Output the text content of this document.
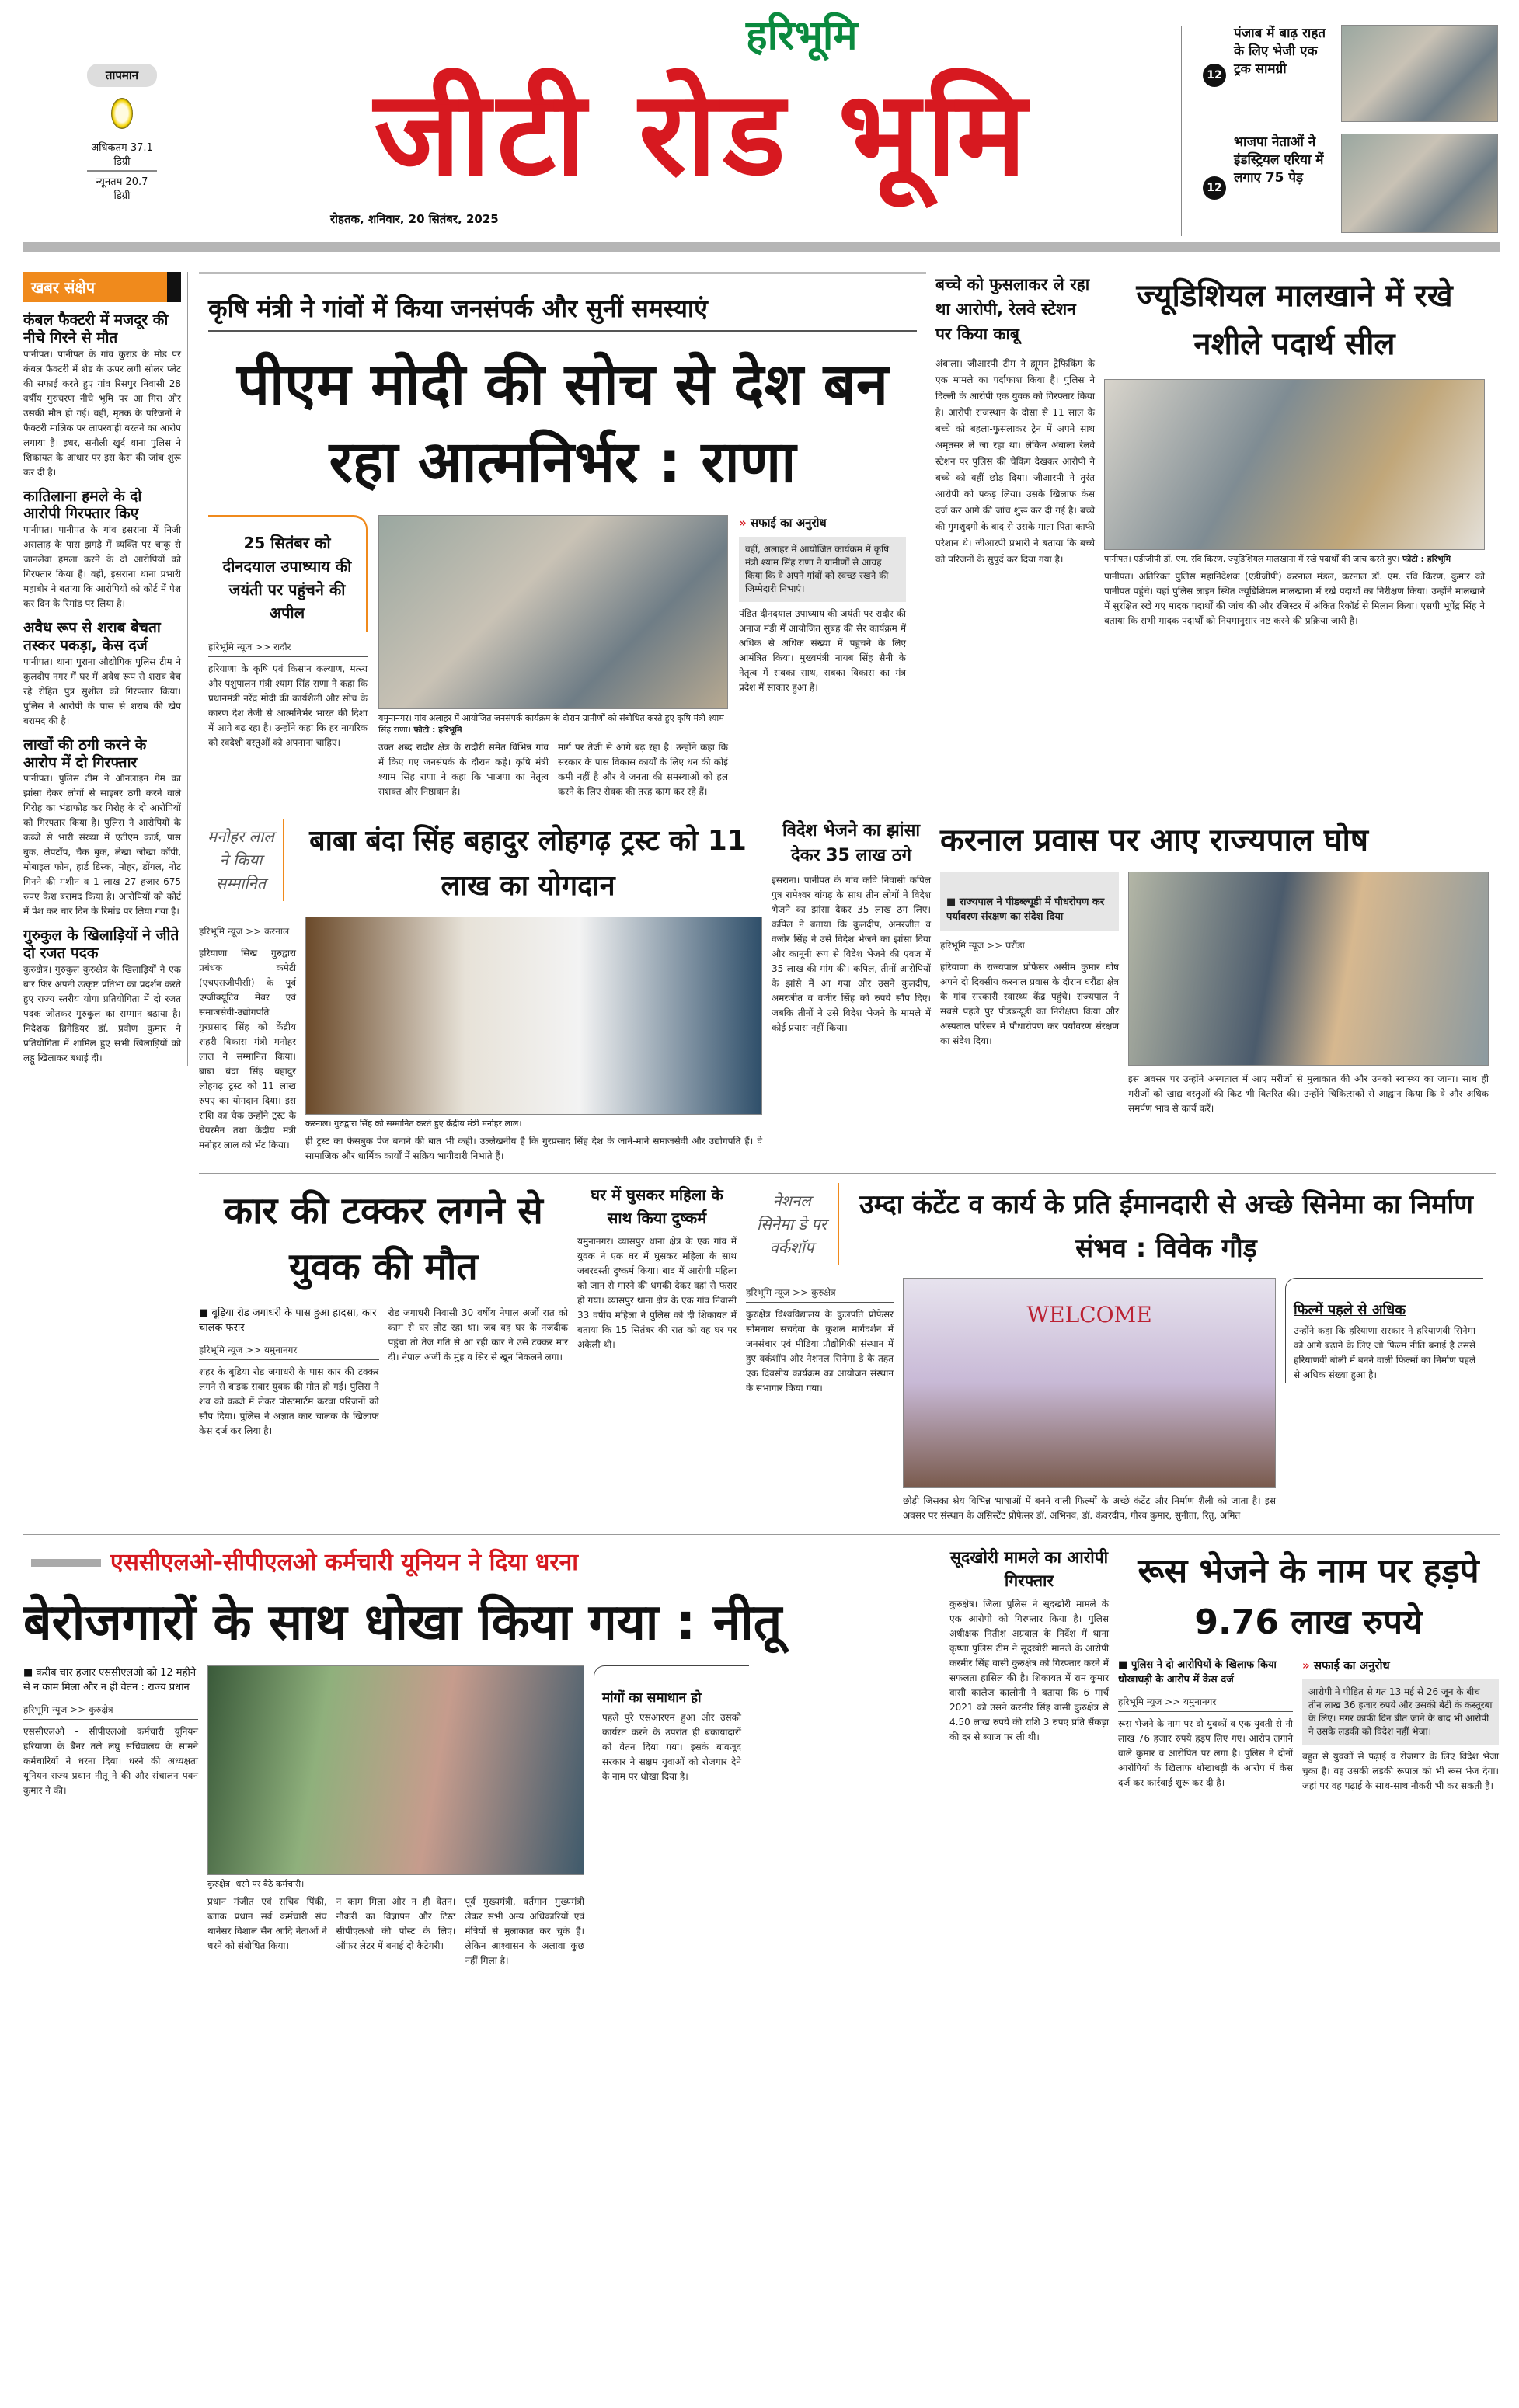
तापमान
अधिकतम 37.1 डिग्री
न्यूनतम 20.7 डिग्री
हरिभूमि
जीटी रोड भूमि
रोहतक, शनिवार, 20 सितंबर, 2025
12
पंजाब में बाढ़ राहत के लिए भेजी एक ट्रक सामग्री
12
भाजपा नेताओं ने इंडस्ट्रियल एरिया में लगाए 75 पेड़
खबर संक्षेप
कंबल फैक्टरी में मजदूर की नीचे गिरने से मौत
पानीपत। पानीपत के गांव कुराड के मोड पर कंबल फैक्टरी में शेड के ऊपर लगी सोलर प्लेट की सफाई करते हुए गांव रिसपुर निवासी 28 वर्षीय गुरुचरण नीचे भूमि पर आ गिरा और उसकी मौत हो गई। वहीं, मृतक के परिजनों ने फैक्टरी मालिक पर लापरवाही बरतने का आरोप लगाया है। इधर, सनौली खुर्द थाना पुलिस ने शिकायत के आधार पर इस केस की जांच शुरू कर दी है।
कातिलाना हमले के दो आरोपी गिरफ्तार किए
पानीपत। पानीपत के गांव इसराना में निजी असलाह के पास झगड़े में व्यक्ति पर चाकू से जानलेवा हमला करने के दो आरोपियों को गिरफ्तार किया है। वहीं, इसराना थाना प्रभारी महाबीर ने बताया कि आरोपियों को कोर्ट में पेश कर दिन के रिमांड पर लिया है।
अवैध रूप से शराब बेचता तस्कर पकड़ा, केस दर्ज
पानीपत। थाना पुराना औद्योगिक पुलिस टीम ने कुलदीप नगर में घर में अवैध रूप से शराब बेच रहे रोहित पुत्र सुशील को गिरफ्तार किया। पुलिस ने आरोपी के पास से शराब की खेप बरामद की है।
लाखों की ठगी करने के आरोप में दो गिरफ्तार
पानीपत। पुलिस टीम ने ऑनलाइन गेम का झांसा देकर लोगों से साइबर ठगी करने वाले गिरोह का भंडाफोड़ कर गिरोह के दो आरोपियों को गिरफ्तार किया है। पुलिस ने आरोपियों के कब्जे से भारी संख्या में एटीएम कार्ड, पास बुक, लेपटॉप, चैक बुक, लेखा जोखा कॉपी, मोबाइल फोन, हार्ड डिस्क, मोहर, डोंगल, नोट गिनने की मशीन व 1 लाख 27 हजार 675 रुपए कैश बरामद किया है। आरोपियों को कोर्ट में पेश कर चार दिन के रिमांड पर लिया गया है।
गुरुकुल के खिलाड़ियों ने जीते दो रजत पदक
कुरुक्षेत्र। गुरुकुल कुरुक्षेत्र के खिलाड़ियों ने एक बार फिर अपनी उत्कृष्ट प्रतिभा का प्रदर्शन करते हुए राज्य स्तरीय योगा प्रतियोगिता में दो रजत पदक जीतकर गुरुकुल का सम्मान बढ़ाया है। निदेशक ब्रिगेडियर डॉ. प्रवीण कुमार ने प्रतियोगिता में शामिल हुए सभी खिलाड़ियों को लड्डू खिलाकर बधाई दी।
कृषि मंत्री ने गांवों में किया जनसंपर्क और सुनीं समस्याएं
पीएम मोदी की सोच से देश बन रहा आत्मनिर्भर : राणा
25 सितंबर को दीनदयाल उपाध्याय की जयंती पर पहुंचने की अपील
हरिभूमि न्यूज >> रादौर
हरियाणा के कृषि एवं किसान कल्याण, मत्स्य और पशुपालन मंत्री श्याम सिंह राणा ने कहा कि प्रधानमंत्री नरेंद्र मोदी की कार्यशैली और सोच के कारण देश तेजी से आत्मनिर्भर भारत की दिशा में आगे बढ़ रहा है। उन्होंने कहा कि हर नागरिक को स्वदेशी वस्तुओं को अपनाना चाहिए।
यमुनानगर। गांव अलाहर में आयोजित जनसंपर्क कार्यक्रम के दौरान ग्रामीणों को संबोधित करते हुए कृषि मंत्री श्याम सिंह राणा। फोटो : हरिभूमि
उक्त शब्द रादौर क्षेत्र के रादौरी समेत विभिन्न गांव में किए गए जनसंपर्क के दौरान कहे। कृषि मंत्री श्याम सिंह राणा ने कहा कि भाजपा का नेतृत्व सशक्त और निष्ठावान है।
मार्ग पर तेजी से आगे बढ़ रहा है। उन्होंने कहा कि सरकार के पास विकास कार्यों के लिए धन की कोई कमी नहीं है और वे जनता की समस्याओं को हल करने के लिए सेवक की तरह काम कर रहे हैं।
» सफाई का अनुरोध
वहीं, अलाहर में आयोजित कार्यक्रम में कृषि मंत्री श्याम सिंह राणा ने ग्रामीणों से आग्रह किया कि वे अपने गांवों को स्वच्छ रखने की जिम्मेदारी निभाएं।
पंडित दीनदयाल उपाध्याय की जयंती पर रादौर की अनाज मंडी में आयोजित सुबह की सैर कार्यक्रम में अधिक से अधिक संख्या में पहुंचने के लिए आमंत्रित किया। मुख्यमंत्री नायब सिंह सैनी के नेतृत्व में सबका साथ, सबका विकास का मंत्र प्रदेश में साकार हुआ है।
बच्चे को फुसलाकर ले रहा था आरोपी, रेलवे स्टेशन पर किया काबू
अंबाला। जीआरपी टीम ने ह्यूमन ट्रैफिकिंग के एक मामले का पर्दाफाश किया है। पुलिस ने दिल्ली के आरोपी एक युवक को गिरफ्तार किया है। आरोपी राजस्थान के दौसा से 11 साल के बच्चे को बहला-फुसलाकर ट्रेन में अपने साथ अमृतसर ले जा रहा था। लेकिन अंबाला रेलवे स्टेशन पर पुलिस की चेकिंग देखकर आरोपी ने बच्चे को वहीं छोड़ दिया। जीआरपी ने तुरंत आरोपी को पकड़ लिया। उसके खिलाफ केस दर्ज कर आगे की जांच शुरू कर दी गई है। बच्चे की गुमशुदगी के बाद से उसके माता-पिता काफी परेशान थे। जीआरपी प्रभारी ने बताया कि बच्चे को परिजनों के सुपुर्द कर दिया गया है।
ज्यूडिशियल मालखाने में रखे नशीले पदार्थ सील
पानीपत। एडीजीपी डॉ. एम. रवि किरण, ज्यूडिशियल मालखाना में रखे पदार्थों की जांच करते हुए। फोटो : हरिभूमि
पानीपत। अतिरिक्त पुलिस महानिदेशक (एडीजीपी) करनाल मंडल, करनाल डॉ. एम. रवि किरण, कुमार को पानीपत पहुंचे। यहां पुलिस लाइन स्थित ज्यूडिशियल मालखाना में रखे पदार्थों का निरीक्षण किया। उन्होंने मालखाने में सुरक्षित रखे गए मादक पदार्थों की जांच की और रजिस्टर में अंकित रिकॉर्ड से मिलान किया। एसपी भूपेंद्र सिंह ने बताया कि सभी मादक पदार्थों को नियमानुसार नष्ट करने की प्रक्रिया जारी है।
मनोहर लाल ने किया सम्मानित
बाबा बंदा सिंह बहादुर लोहगढ़ ट्रस्ट को 11 लाख का योगदान
हरिभूमि न्यूज >> करनाल
हरियाणा सिख गुरुद्वारा प्रबंधक कमेटी (एचएसजीपीसी) के पूर्व एग्जीक्यूटिव मेंबर एवं समाजसेवी-उद्योगपति गुरप्रसाद सिंह को केंद्रीय शहरी विकास मंत्री मनोहर लाल ने सम्मानित किया। बाबा बंदा सिंह बहादुर लोहगढ़ ट्रस्ट को 11 लाख रुपए का योगदान दिया। इस राशि का चैक उन्होंने ट्रस्ट के चेयरमैन तथा केंद्रीय मंत्री मनोहर लाल को भेंट किया।
करनाल। गुरुद्वारा सिंह को सम्मानित करते हुए केंद्रीय मंत्री मनोहर लाल।
ही ट्रस्ट का फेसबुक पेज बनाने की बात भी कही। उल्लेखनीय है कि गुरप्रसाद सिंह देश के जाने-माने समाजसेवी और उद्योगपति हैं। वे सामाजिक और धार्मिक कार्यों में सक्रिय भागीदारी निभाते हैं।
विदेश भेजने का झांसा देकर 35 लाख ठगे
इसराना। पानीपत के गांव कवि निवासी कपिल पुत्र रामेश्वर बांगड़ के साथ तीन लोगों ने विदेश भेजने का झांसा देकर 35 लाख ठग लिए। कपिल ने बताया कि कुलदीप, अमरजीत व वजीर सिंह ने उसे विदेश भेजने का झांसा दिया और कानूनी रूप से विदेश भेजने की एवज में 35 लाख की मांग की। कपिल, तीनों आरोपियों के झांसे में आ गया और उसने कुलदीप, अमरजीत व वजीर सिंह को रुपये सौंप दिए। जबकि तीनों ने उसे विदेश भेजने के मामले में कोई प्रयास नहीं किया।
करनाल प्रवास पर आए राज्यपाल घोष
■ राज्यपाल ने पीडब्ल्यूडी में पौधरोपण कर पर्यावरण संरक्षण का संदेश दिया
हरिभूमि न्यूज >> घरौंडा
हरियाणा के राज्यपाल प्रोफेसर असीम कुमार घोष अपने दो दिवसीय करनाल प्रवास के दौरान घरौंडा क्षेत्र के गांव सरकारी स्वास्थ्य केंद्र पहुंचे। राज्यपाल ने सबसे पहले पुर पीडब्ल्यूडी का निरीक्षण किया और अस्पताल परिसर में पौधारोपण कर पर्यावरण संरक्षण का संदेश दिया।
इस अवसर पर उन्होंने अस्पताल में आए मरीजों से मुलाकात की और उनको स्वास्थ्य का जाना। साथ ही मरीजों को खाद्य वस्तुओं की किट भी वितरित की। उन्होंने चिकित्सकों से आह्वान किया कि वे और अधिक समर्पण भाव से कार्य करें।
कार की टक्कर लगने से युवक की मौत
■ बूड़िया रोड जगाधरी के पास हुआ हादसा, कार चालक फरार
हरिभूमि न्यूज >> यमुनानगर
शहर के बूड़िया रोड जगाधरी के पास कार की टक्कर लगने से बाइक सवार युवक की मौत हो गई। पुलिस ने शव को कब्जे में लेकर पोस्टमार्टम करवा परिजनों को सौंप दिया। पुलिस ने अज्ञात कार चालक के खिलाफ केस दर्ज कर लिया है।
रोड जगाधरी निवासी 30 वर्षीय नेपाल अर्जी रात को काम से घर लौट रहा था। जब वह घर के नजदीक पहुंचा तो तेज गति से आ रही कार ने उसे टक्कर मार दी। नेपाल अर्जी के मुंह व सिर से खून निकलने लगा।
घर में घुसकर महिला के साथ किया दुष्कर्म
यमुनानगर। व्यासपुर थाना क्षेत्र के एक गांव में युवक ने एक घर में घुसकर महिला के साथ जबरदस्ती दुष्कर्म किया। बाद में आरोपी महिला को जान से मारने की धमकी देकर वहां से फरार हो गया। व्यासपुर थाना क्षेत्र के एक गांव निवासी 33 वर्षीय महिला ने पुलिस को दी शिकायत में बताया कि 15 सितंबर की रात को वह घर पर अकेली थी।
नेशनल सिनेमा डे पर वर्कशॉप
उम्दा कंटेंट व कार्य के प्रति ईमानदारी से अच्छे सिनेमा का निर्माण संभव : विवेक गौड़
हरिभूमि न्यूज >> कुरुक्षेत्र
कुरुक्षेत्र विश्वविद्यालय के कुलपति प्रोफेसर सोमनाथ सचदेवा के कुशल मार्गदर्शन में जनसंचार एवं मीडिया प्रौद्योगिकी संस्थान में हुए वर्कशॉप और नेशनल सिनेमा डे के तहत एक दिवसीय कार्यक्रम का आयोजन संस्थान के सभागार किया गया।
WELCOME
छोड़ी जिसका श्रेय विभिन्न भाषाओं में बनने वाली फिल्मों के अच्छे कंटेंट और निर्माण शैली को जाता है। इस अवसर पर संस्थान के असिस्टेंट प्रोफेसर डॉ. अभिनव, डॉ. कंवरदीप, गौरव कुमार, सुनीता, रितु, अमित
फिल्में पहले से अधिक
उन्होंने कहा कि हरियाणा सरकार ने हरियाणवी सिनेमा को आगे बढ़ाने के लिए जो फिल्म नीति बनाई है उससे हरियाणवी बोली में बनने वाली फिल्मों का निर्माण पहले से अधिक संख्या हुआ है।
एससीएलओ-सीपीएलओ कर्मचारी यूनियन ने दिया धरना
बेरोजगारों के साथ धोखा किया गया : नीतू
■ करीब चार हजार एससीएलओ को 12 महीने से न काम मिला और न ही वेतन : राज्य प्रधान
हरिभूमि न्यूज >> कुरुक्षेत्र
एससीएलओ - सीपीएलओ कर्मचारी यूनियन हरियाणा के बैनर तले लघु सचिवालय के सामने कर्मचारियों ने धरना दिया। धरने की अध्यक्षता यूनियन राज्य प्रधान नीतू ने की और संचालन पवन कुमार ने की।
कुरुक्षेत्र। धरने पर बैठे कर्मचारी।
प्रधान मंजीत एवं सचिव पिंकी, ब्लाक प्रधान सर्व कर्मचारी संघ थानेसर विशाल सैन आदि नेताओं ने धरने को संबोधित किया।
न काम मिला और न ही वेतन। नौकरी का विज्ञापन और टिस्ट सीपीएलओ की पोस्ट के लिए। ऑफर लेटर में बनाई दो कैटेगरी।
पूर्व मुख्यमंत्री, वर्तमान मुख्यमंत्री लेकर सभी अन्य अधिकारियों एवं मंत्रियों से मुलाकात कर चुके हैं। लेकिन आश्वासन के अलावा कुछ नहीं मिला है।
मांगों का समाधान हो
पहले पुरे एसआरएम हुआ और उसको कार्यरत करने के उपरांत ही बकायादारों को वेतन दिया गया। इसके बावजूद सरकार ने सक्षम युवाओं को रोजगार देने के नाम पर धोखा दिया है।
सूदखोरी मामले का आरोपी गिरफ्तार
कुरुक्षेत्र। जिला पुलिस ने सूदखोरी मामले के एक आरोपी को गिरफ्तार किया है। पुलिस अधीक्षक नितीश अग्रवाल के निर्देश में थाना कृष्णा पुलिस टीम ने सूदखोरी मामले के आरोपी करमीर सिंह वासी कुरुक्षेत्र को गिरफ्तार करने में सफलता हासिल की है। शिकायत में राम कुमार वासी कालेज कालोनी ने बताया कि 6 मार्च 2021 को उसने करमीर सिंह वासी कुरुक्षेत्र से 4.50 लाख रुपये की राशि 3 रुपए प्रति सैंकड़ा की दर से ब्याज पर ली थी।
रूस भेजने के नाम पर हड़पे 9.76 लाख रुपये
■ पुलिस ने दो आरोपियों के खिलाफ किया धोखाधड़ी के आरोप में केस दर्ज
हरिभूमि न्यूज >> यमुनानगर
रूस भेजने के नाम पर दो युवकों व एक युवती से नौ लाख 76 हजार रुपये हड़प लिए गए। आरोप लगाने वाले कुमार व आरोपित पर लगा है। पुलिस ने दोनों आरोपियों के खिलाफ धोखाधड़ी के आरोप में केस दर्ज कर कार्रवाई शुरू कर दी है।
» सफाई का अनुरोध
आरोपी ने पीड़ित से गत 13 मई से 26 जून के बीच तीन लाख 36 हजार रुपये और उसकी बेटी के कस्तूरबा के लिए। मगर काफी दिन बीत जाने के बाद भी आरोपी ने उसके लड़की को विदेश नहीं भेजा।
बहुत से युवकों से पढ़ाई व रोजगार के लिए विदेश भेजा चुका है। वह उसकी लड़की रूपाल को भी रूस भेज देगा। जहां पर वह पढ़ाई के साथ-साथ नौकरी भी कर सकती है।
